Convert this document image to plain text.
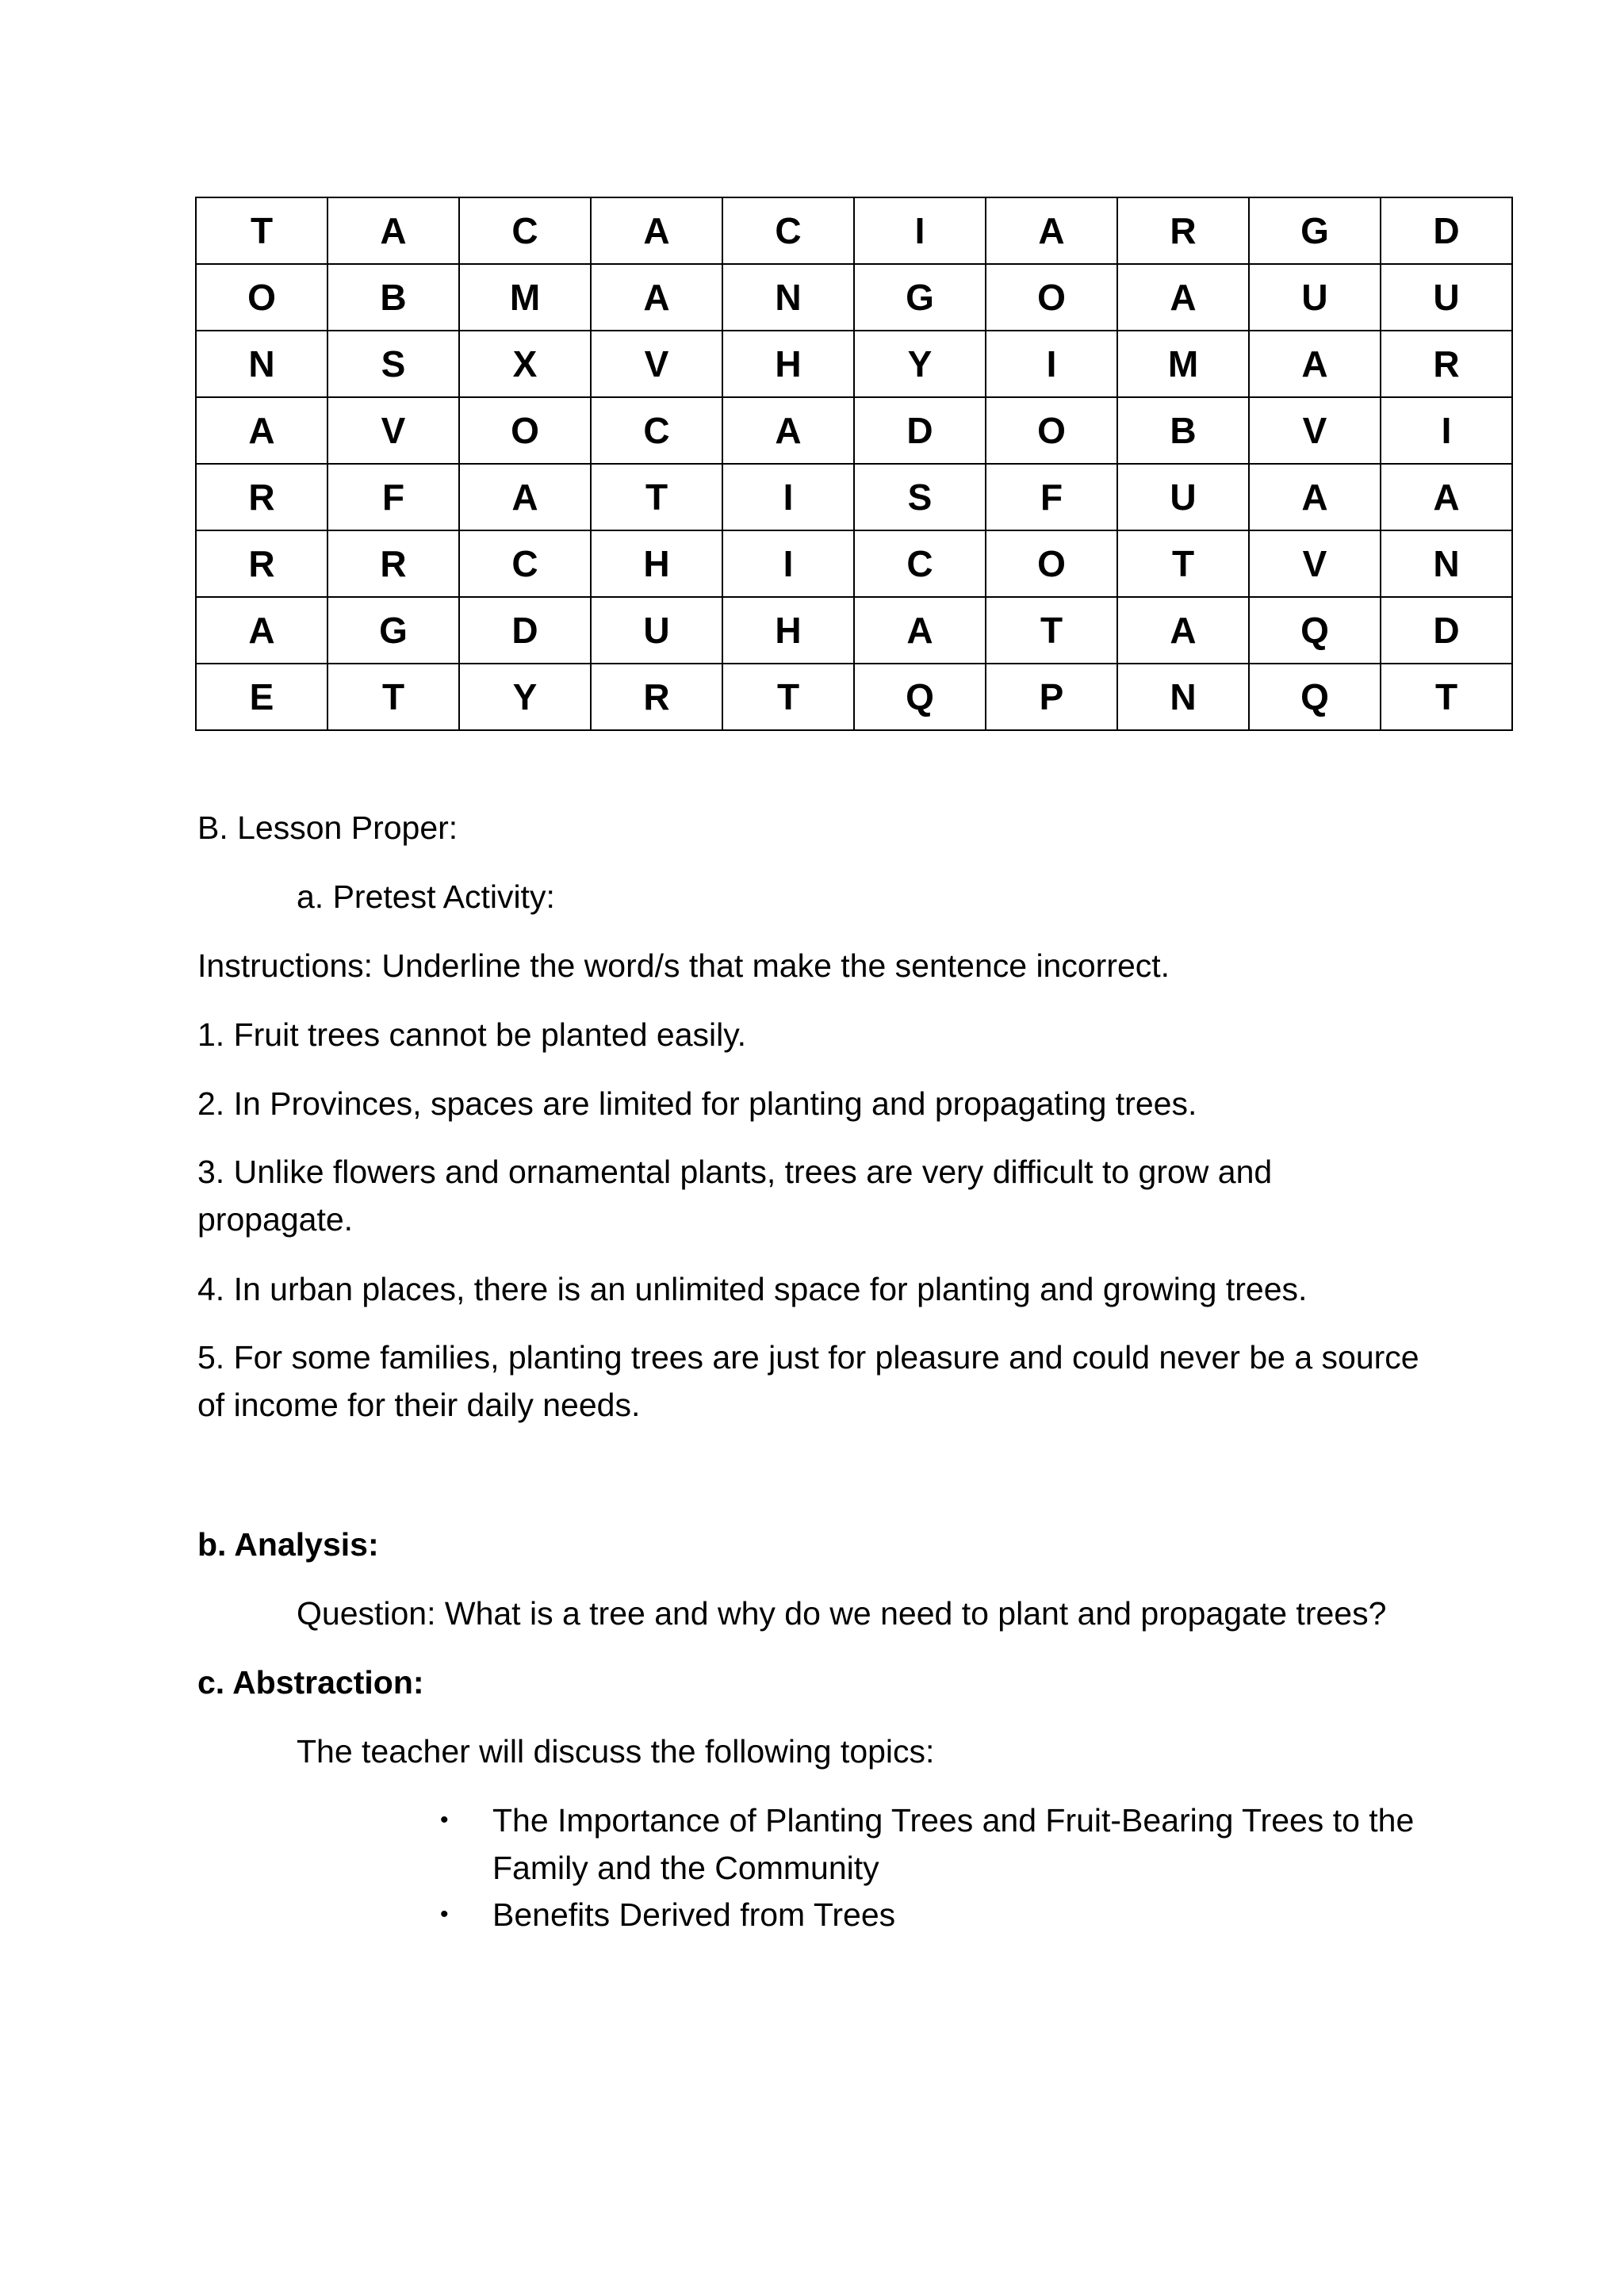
T	A	C	A	C	I	A	R	G	D
O	B	M	A	N	G	O	A	U	U
N	S	X	V	H	Y	I	M	A	R
A	V	O	C	A	D	O	B	V	I
R	F	A	T	I	S	F	U	A	A
R	R	C	H	I	C	O	T	V	N
A	G	D	U	H	A	T	A	Q	D
E	T	Y	R	T	Q	P	N	Q	T

B. Lesson Proper:

a. Pretest Activity:

Instructions: Underline the word/s that make the sentence incorrect.

1. Fruit trees cannot be planted easily.

2. In Provinces, spaces are limited for planting and propagating trees.

3. Unlike flowers and ornamental plants, trees are very difficult to grow and propagate.

4. In urban places, there is an unlimited space for planting and growing trees.

5. For some families, planting trees are just for pleasure and could never be a source of income for their daily needs.

b. Analysis:

Question: What is a tree and why do we need to plant and propagate trees?

c. Abstraction:

The teacher will discuss the following topics:

•	The Importance of Planting Trees and Fruit-Bearing Trees to the Family and the Community
•	Benefits Derived from Trees
